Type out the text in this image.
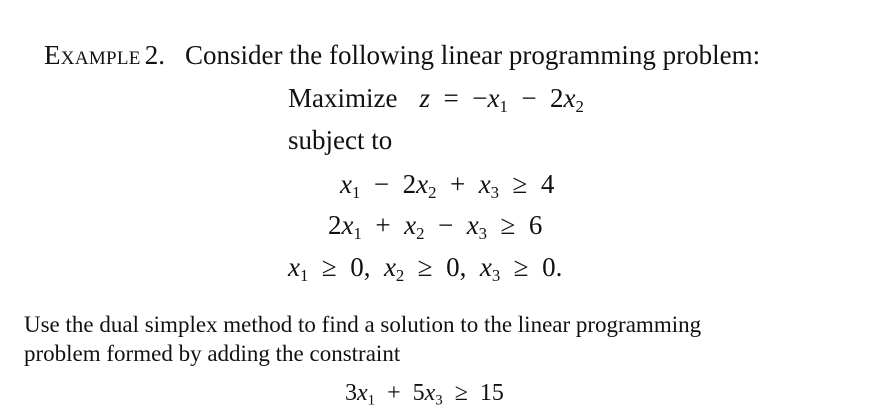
Example 2. Consider the following linear programming problem:
Maximize z  =  $-x_1$  −  $2x_2$
subject to
$x_1$  −  $2x_2$  +  $x_3$  ≥  4
$2x_1$  +  $x_2$  −  $x_3$  ≥  6
$x_1$  ≥  0,  $x_2$  ≥  0,  $x_3$  ≥  0.
Use the dual simplex method to find a solution to the linear programming
problem formed by adding the constraint
$3x_1$  +  $5x_3$  ≥  15
